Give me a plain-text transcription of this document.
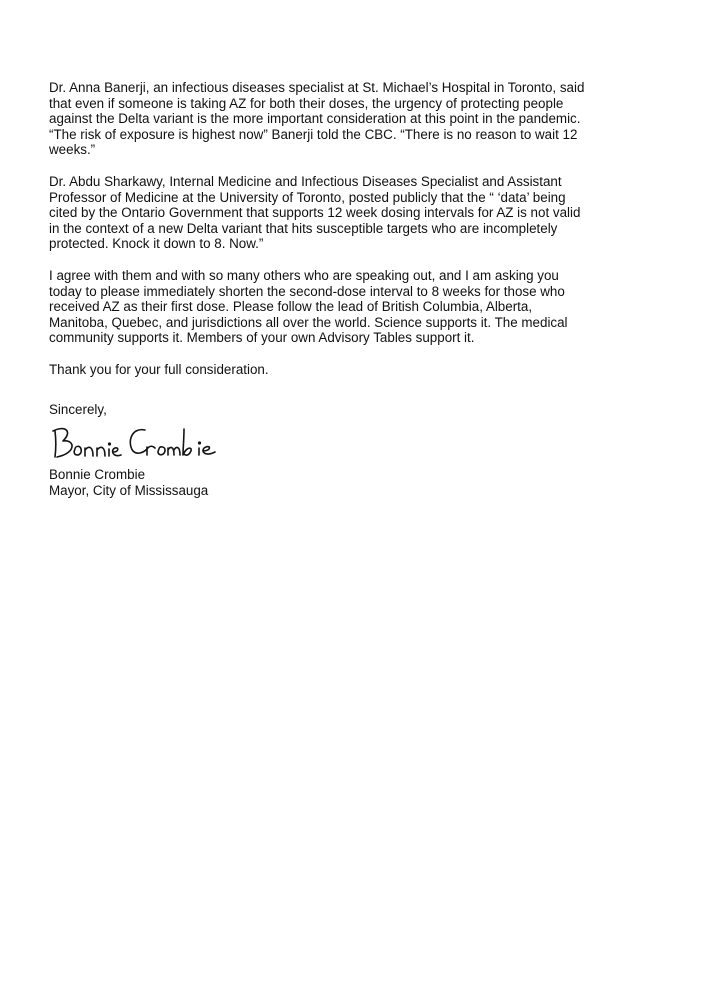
Dr. Anna Banerji, an infectious diseases specialist at St. Michael’s Hospital in Toronto, said
that even if someone is taking AZ for both their doses, the urgency of protecting people
against the Delta variant is the more important consideration at this point in the pandemic.
“The risk of exposure is highest now” Banerji told the CBC. “There is no reason to wait 12
weeks.”

Dr. Abdu Sharkawy, Internal Medicine and Infectious Diseases Specialist and Assistant
Professor of Medicine at the University of Toronto, posted publicly that the “ ‘data’ being
cited by the Ontario Government that supports 12 week dosing intervals for AZ is not valid
in the context of a new Delta variant that hits susceptible targets who are incompletely
protected. Knock it down to 8. Now.”

I agree with them and with so many others who are speaking out, and I am asking you
today to please immediately shorten the second-dose interval to 8 weeks for those who
received AZ as their first dose. Please follow the lead of British Columbia, Alberta,
Manitoba, Quebec, and jurisdictions all over the world. Science supports it. The medical
community supports it. Members of your own Advisory Tables support it.

Thank you for your full consideration.

Sincerely,

Bonnie Crombie

Mayor, City of Mississauga
